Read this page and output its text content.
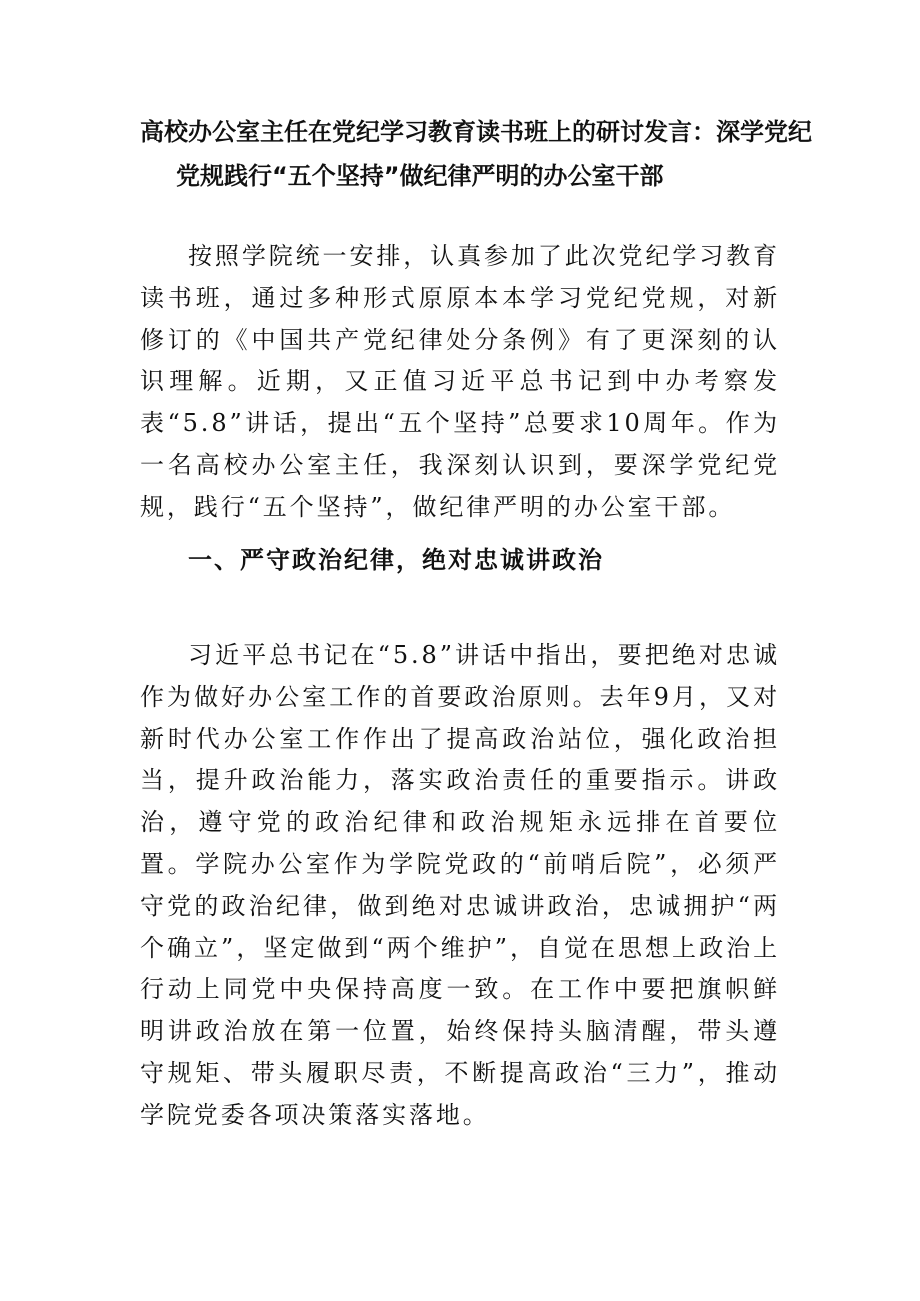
高校办公室主任在党纪学习教育读书班上的研讨发言：深学党纪
党规践行“五个坚持”做纪律严明的办公室干部

按照学院统一安排，认真参加了此次党纪学习教育读书班，通过多种形式原原本本学习党纪党规，对新修订的《中国共产党纪律处分条例》有了更深刻的认识理解。近期，又正值习近平总书记到中办考察发表“5.8”讲话，提出“五个坚持”总要求10周年。作为一名高校办公室主任，我深刻认识到，要深学党纪党规，践行“五个坚持”，做纪律严明的办公室干部。

一、严守政治纪律，绝对忠诚讲政治

习近平总书记在“5.8”讲话中指出，要把绝对忠诚作为做好办公室工作的首要政治原则。去年9月，又对新时代办公室工作作出了提高政治站位，强化政治担当，提升政治能力，落实政治责任的重要指示。讲政治，遵守党的政治纪律和政治规矩永远排在首要位置。学院办公室作为学院党政的“前哨后院”，必须严守党的政治纪律，做到绝对忠诚讲政治，忠诚拥护“两个确立”，坚定做到“两个维护”，自觉在思想上政治上行动上同党中央保持高度一致。在工作中要把旗帜鲜明讲政治放在第一位置，始终保持头脑清醒，带头遵守规矩、带头履职尽责，不断提高政治“三力”，推动学院党委各项决策落实落地。
